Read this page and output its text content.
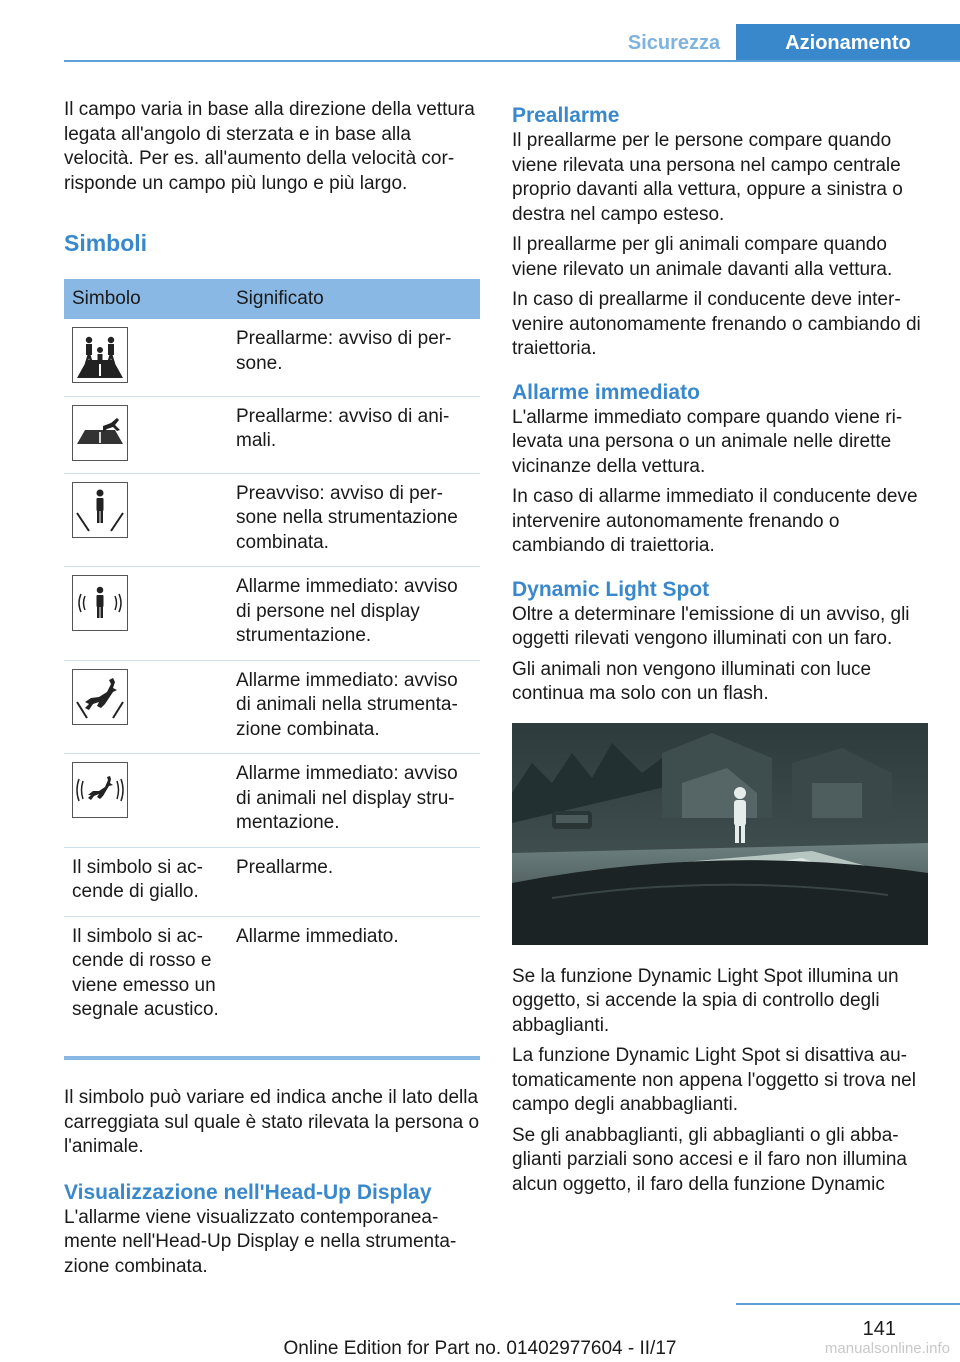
Sicurezza	Azionamento

Il campo varia in base alla direzione della vettura legata all'angolo di sterzata e in base alla velocità. Per es. all'aumento della velocità corrisponde un campo più lungo e più largo.

Simboli
Simbolo	Significato

	Preallarme: avviso di persone.

	Preallarme: avviso di animali.

	Preavviso: avviso di persone nella strumentazione combinata.

	Allarme immediato: avviso di persone nel display strumentazione.

	Allarme immediato: avviso di animali nella strumentazione combinata.

	Allarme immediato: avviso di animali nel display strumentazione.
Il simbolo si accende di giallo.	Preallarme.
Il simbolo si accende di rosso e viene emesso un segnale acustico.	Allarme immediato.

Il simbolo può variare ed indica anche il lato della carreggiata sul quale è stato rilevata la persona o l'animale.

Visualizzazione nell'Head-Up Display

L'allarme viene visualizzato contemporaneamente nell'Head-Up Display e nella strumentazione combinata.

Preallarme

Il preallarme per le persone compare quando viene rilevata una persona nel campo centrale proprio davanti alla vettura, oppure a sinistra o destra nel campo esteso.

Il preallarme per gli animali compare quando viene rilevato un animale davanti alla vettura.

In caso di preallarme il conducente deve intervenire autonomamente frenando o cambiando di traiettoria.

Allarme immediato

L'allarme immediato compare quando viene rilevata una persona o un animale nelle dirette vicinanze della vettura.

In caso di allarme immediato il conducente deve intervenire autonomamente frenando o cambiando di traiettoria.

Dynamic Light Spot

Oltre a determinare l'emissione di un avviso, gli oggetti rilevati vengono illuminati con un faro.

Gli animali non vengono illuminati con luce continua ma solo con un flash.

Se la funzione Dynamic Light Spot illumina un oggetto, si accende la spia di controllo degli abbaglianti.

La funzione Dynamic Light Spot si disattiva automaticamente non appena l'oggetto si trova nel campo degli anabbaglianti.

Se gli anabbaglianti, gli abbaglianti o gli abbaglianti parziali sono accesi e il faro non illumina alcun oggetto, il faro della funzione Dynamic

141
Online Edition for Part no. 01402977604 - II/17	manualsonline.info
